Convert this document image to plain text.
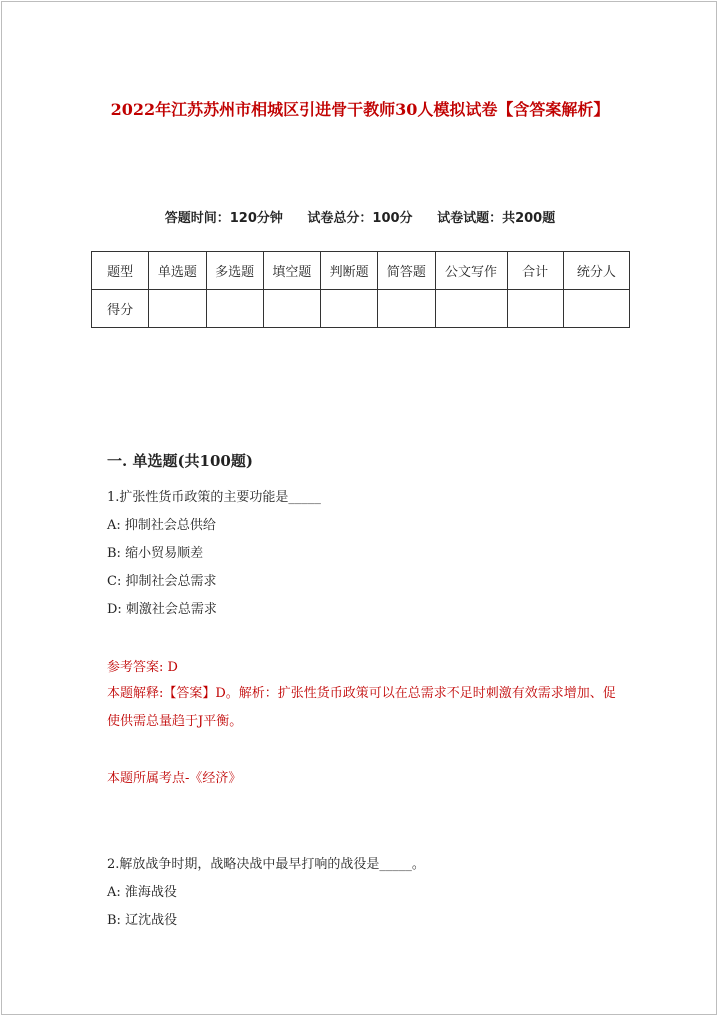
2022年江苏苏州市相城区引进骨干教师30人模拟试卷【含答案解析】
答题时间：120分钟 试卷总分：100分 试卷试题：共200题
题型	单选题	多选题	填空题	判断题	简答题	公文写作	合计	统分人
得分								
一. 单选题(共100题)
1.扩张性货币政策的主要功能是_____
A: 抑制社会总供给
B: 缩小贸易顺差
C: 抑制社会总需求
D: 刺激社会总需求
参考答案: D
本题解释:【答案】D。解析：扩张性货币政策可以在总需求不足时刺激有效需求增加、促使供需总量趋于J平衡。
本题所属考点-《经济》
2.解放战争时期，战略决战中最早打响的战役是_____。
A: 淮海战役
B: 辽沈战役
